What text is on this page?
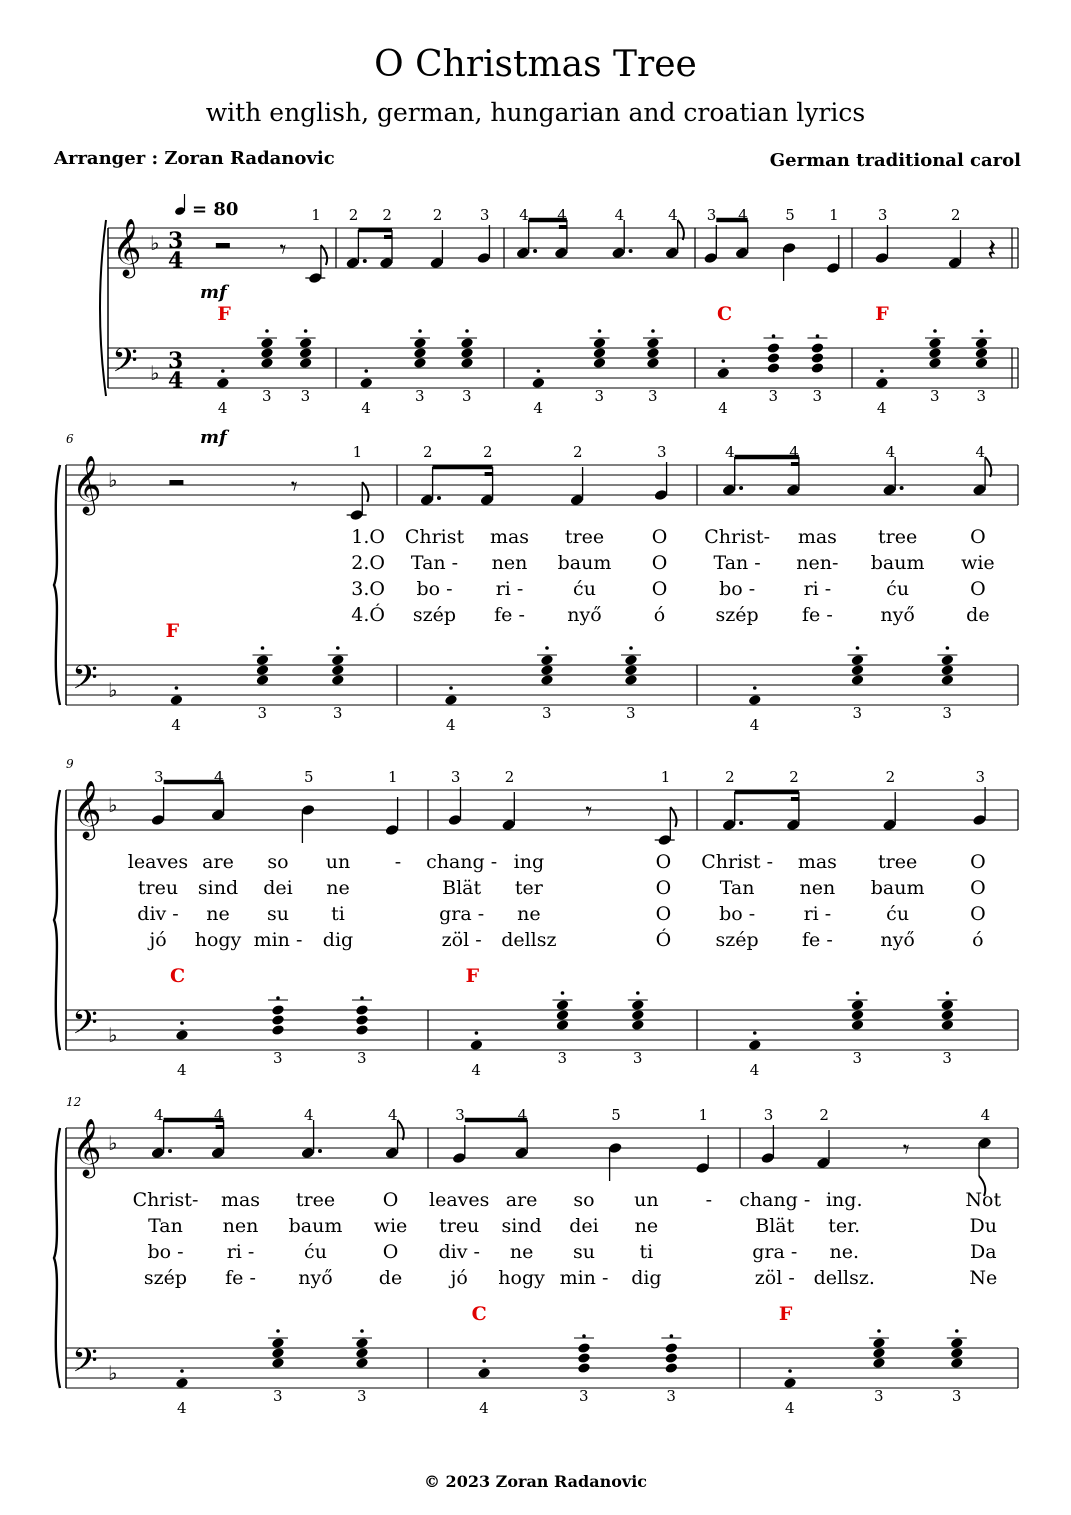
O Christmas Tree
with english, german, hungarian and croatian lyrics
Arranger : Zoran Radanovic	German traditional carol
© 2023 Zoran Radanovic
𝄞
𝄢
♭
♭
3
4
3
4
= 80
mf
mf
𝄾
1
F
4
3 3
2 2	2 3
4
3 3
4 4	4	4
4
3	3
3 4	5 1
C
4
3 3
3	2
𝄽
F
4
3 3
𝄞
𝄢
♭
♭
6
𝄾
1
F
4
3	3
1.O
2.O
3.O
4.Ó
2	2	2	3
4
3	3
Christ mas tree	O
Tan - nen baum O
bo - ri -	ću	O
szép fe - nyő	ó
4	4	4	4
4
3	3
Christ- mas tree	O
Tan - nen- baum wie
bo -	ri -	ću	O
szép fe -	nyő	de
𝄞
𝄢
♭
♭
9
3	4	5	1
C
4
3	3
leaves are so un -
treu sind dei ne
div - ne su ti
jó hogy min - dig
3	2
𝄾
1
F
4
3	3
chang - ing	O
Blät ter	O
gra - ne	O
zöl - dellsz	Ó
2	2	2	3
4
3	3
Christ - mas tree	O
Tan nen baum O
bo -	ri -	ću	O
szép fe -	nyő	ó
𝄞
𝄢
♭
♭
12
4	4	4	4
4
3	3
Christ- mas tree	O
Tan nen baum wie
bo - ri -	ću	O
szép fe - nyő de
3	4	5	1
C
4
3	3
leaves are so un -
treu sind dei ne
div - ne su ti
jó hogy min - dig
3	2
𝄾
4
F
4
3	3
chang - ing.	Not
Blät ter.	Du
gra - ne.	Da
zöl - dellsz.	Ne
